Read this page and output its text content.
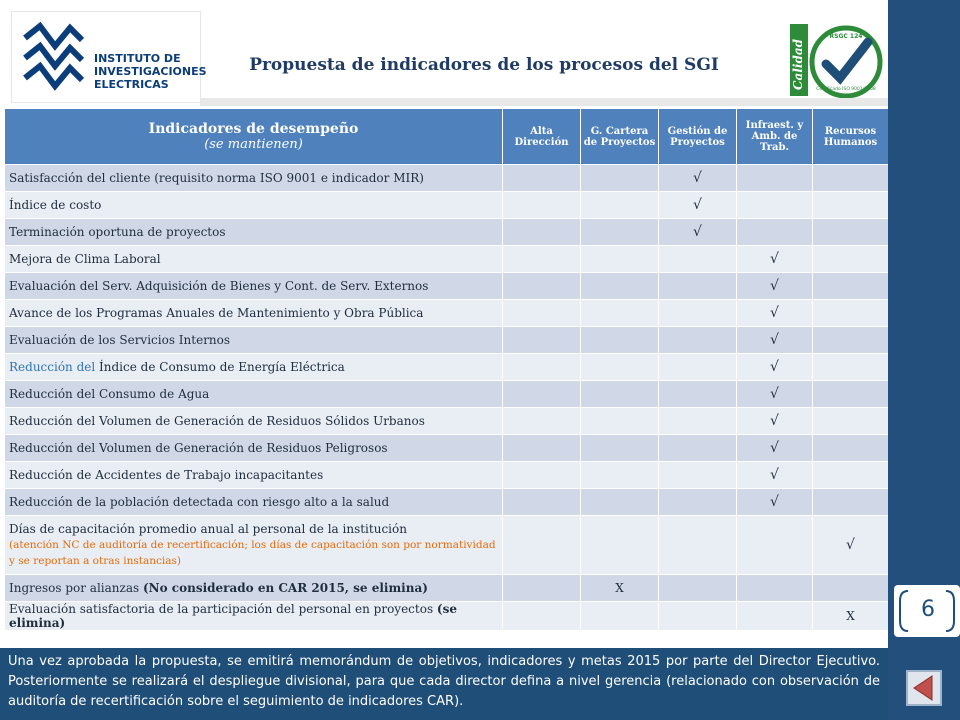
INSTITUTO DE
INVESTIGACIONES
ELECTRICAS
Propuesta de indicadores de los procesos del SGI	Calidad
RSGC 124
Certificado ISO 9001:2008
Indicadores de desempeño
(se mantienen)	Alta Dirección	G. Cartera de Proyectos	Gestión de Proyectos	Infraest. y Amb. de Trab.	Recursos Humanos
Satisfacción del cliente (requisito norma ISO 9001 e indicador MIR)			√		
Índice de costo			√		
Terminación oportuna de proyectos			√		
Mejora de Clima Laboral				√	
Evaluación del Serv. Adquisición de Bienes y Cont. de Serv. Externos				√	
Avance de los Programas Anuales de Mantenimiento y Obra Pública				√	
Evaluación de los Servicios Internos				√	
Reducción del Índice de Consumo de Energía Eléctrica				√	
Reducción del Consumo de Agua				√	
Reducción del Volumen de Generación de Residuos Sólidos Urbanos				√	
Reducción del Volumen de Generación de Residuos Peligrosos				√	
Reducción de Accidentes de Trabajo incapacitantes				√	
Reducción de la población detectada con riesgo alto a la salud				√	

Días de capacitación promedio anual al personal de la institución
(atención NC de auditoría de recertificación; los días de capacitación son por normatividad y se reportan a otras instancias)					√
Ingresos por alianzas (No considerado en CAR 2015, se elimina)		X			
Evaluación satisfactoria de la participación del personal en proyectos (se elimina)					X

Una vez aprobada la propuesta, se emitirá memorándum de objetivos, indicadores y metas 2015 por parte del Director Ejecutivo. Posteriormente se realizará el despliegue divisional, para que cada director defina a nivel gerencia (relacionado con observación de auditoría de recertificación sobre el seguimiento de indicadores CAR).

6
